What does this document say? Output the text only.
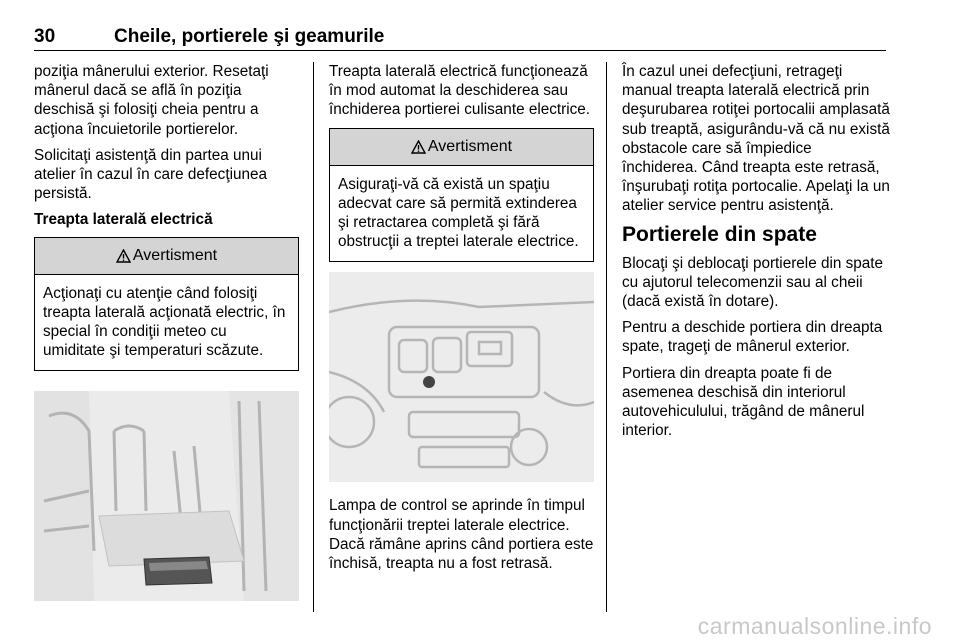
30	Cheile, portierele şi geamurile

poziţia mânerului exterior. Resetaţi mânerul dacă se află în poziţia deschisă şi folosiţi cheia pentru a acţiona încuietorile portierelor.

Solicitaţi asistenţă din partea unui atelier în cazul în care defecţiunea persistă.

Treapta laterală electrică

Avertisment
Acţionaţi cu atenţie când folosiţi treapta laterală acţionată electric, în special în condiţii meteo cu umiditate şi temperaturi scăzute.

Treapta laterală electrică funcţionează în mod automat la deschiderea sau închiderea portierei culisante electrice.

Avertisment
Asiguraţi-vă că există un spaţiu adecvat care să permită extinderea şi retractarea completă şi fără obstrucţii a treptei laterale electrice.

Lampa de control se aprinde în timpul funcţionării treptei laterale electrice. Dacă rămâne aprins când portiera este închisă, treapta nu a fost retrasă.

În cazul unei defecţiuni, retrageţi manual treapta laterală electrică prin deşurubarea rotiţei portocalii amplasată sub treaptă, asigurându-vă că nu există obstacole care să împiedice închiderea. Când treapta este retrasă, înşurubaţi rotiţa portocalie. Apelaţi la un atelier service pentru asistenţă.

Portierele din spate

Blocaţi şi deblocaţi portierele din spate cu ajutorul telecomenzii sau al cheii (dacă există în dotare).

Pentru a deschide portiera din dreapta spate, trageţi de mânerul exterior.

Portiera din dreapta poate fi de asemenea deschisă din interiorul autovehiculului, trăgând de mânerul interior.

carmanualsonline.info
